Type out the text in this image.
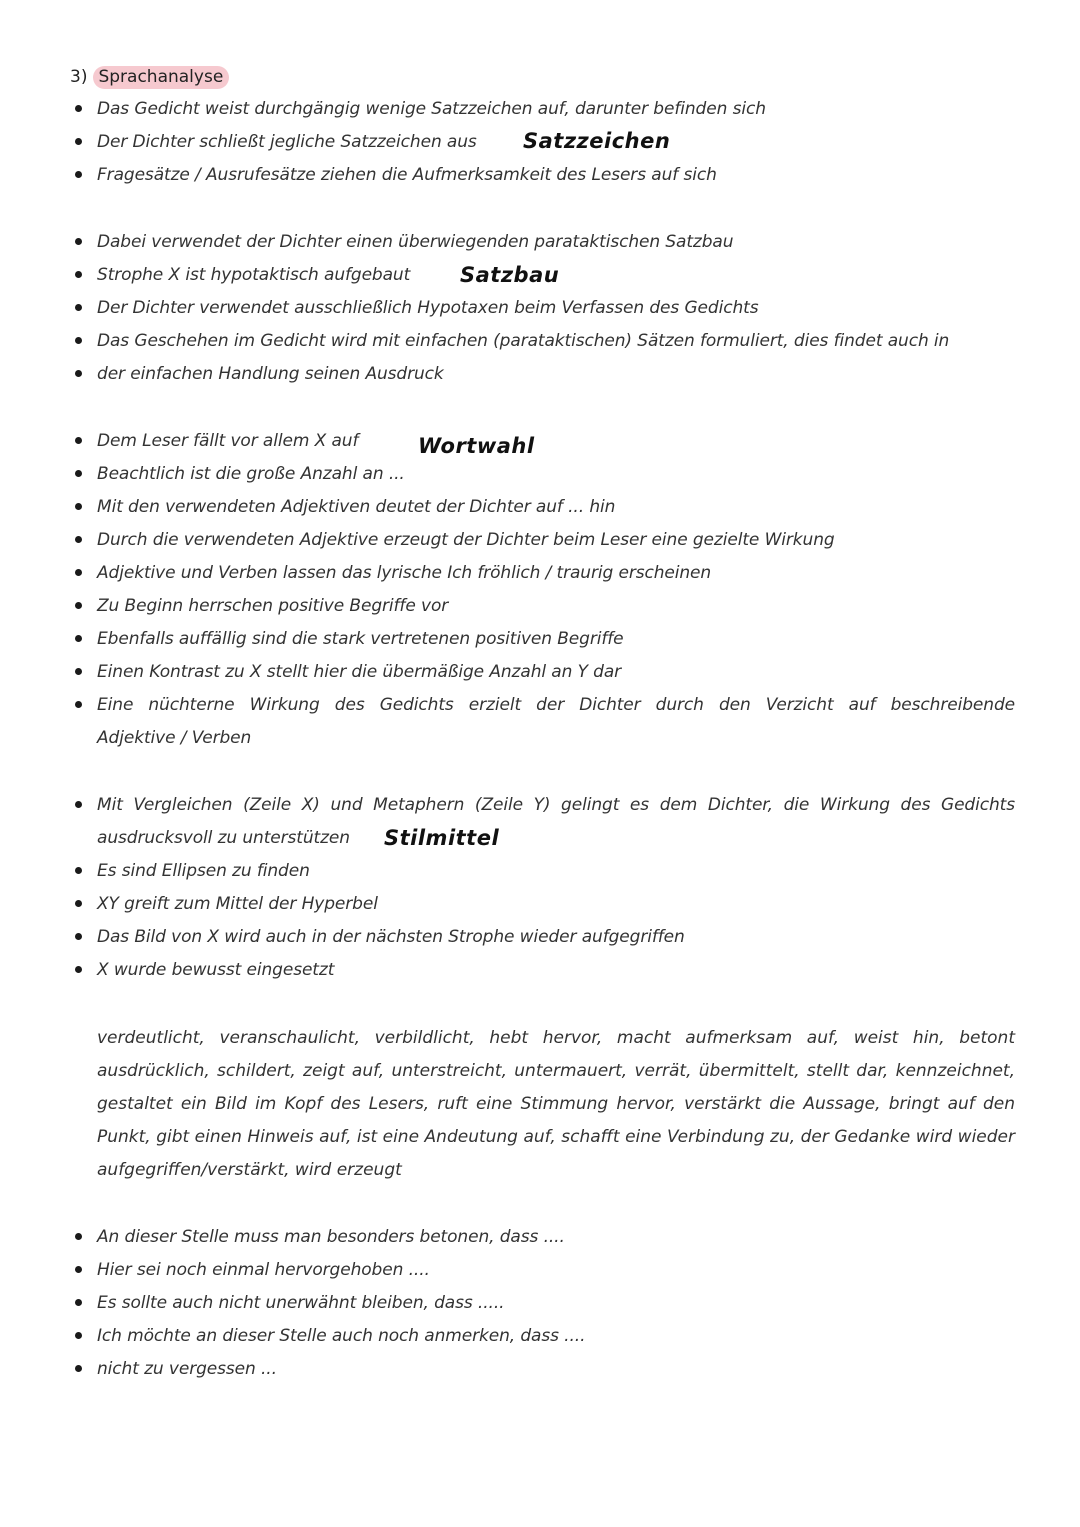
3) Sprachanalyse
Das Gedicht weist durchgängig wenige Satzzeichen auf, darunter befinden sich
Der Dichter schließt jegliche Satzzeichen aus
Fragesätze / Ausrufesätze ziehen die Aufmerksamkeit des Lesers auf sich
Satzzeichen
Dabei verwendet der Dichter einen überwiegenden parataktischen Satzbau
Strophe X ist hypotaktisch aufgebaut
Der Dichter verwendet ausschließlich Hypotaxen beim Verfassen des Gedichts
Das Geschehen im Gedicht wird mit einfachen (parataktischen) Sätzen formuliert, dies findet auch in
der einfachen Handlung seinen Ausdruck
Satzbau
Dem Leser fällt vor allem X auf
Beachtlich ist die große Anzahl an ...
Mit den verwendeten Adjektiven deutet der Dichter auf ... hin
Durch die verwendeten Adjektive erzeugt der Dichter beim Leser eine gezielte Wirkung
Adjektive und Verben lassen das lyrische Ich fröhlich / traurig erscheinen
Zu Beginn herrschen positive Begriffe vor
Ebenfalls auffällig sind die stark vertretenen positiven Begriffe
Einen Kontrast zu X stellt hier die übermäßige Anzahl an Y dar
Eine nüchterne Wirkung des Gedichts erzielt der Dichter durch den Verzicht auf beschreibende
Adjektive / Verben
Wortwahl
Mit Vergleichen (Zeile X) und Metaphern (Zeile Y) gelingt es dem Dichter, die Wirkung des Gedichts
ausdrucksvoll zu unterstützen
Es sind Ellipsen zu finden
XY greift zum Mittel der Hyperbel
Das Bild von X wird auch in der nächsten Strophe wieder aufgegriffen
X wurde bewusst eingesetzt
Stilmittel
verdeutlicht, veranschaulicht, verbildlicht, hebt hervor, macht aufmerksam auf, weist hin, betont ausdrücklich, schildert, zeigt auf, unterstreicht, untermauert, verrät, übermittelt, stellt dar, kennzeichnet, gestaltet ein Bild im Kopf des Lesers, ruft eine Stimmung hervor, verstärkt die Aussage, bringt auf den Punkt, gibt einen Hinweis auf, ist eine Andeutung auf, schafft eine Verbindung zu, der Gedanke wird wieder aufgegriffen/verstärkt, wird erzeugt
An dieser Stelle muss man besonders betonen, dass ....
Hier sei noch einmal hervorgehoben ....
Es sollte auch nicht unerwähnt bleiben, dass .....
Ich möchte an dieser Stelle auch noch anmerken, dass ....
nicht zu vergessen ...
